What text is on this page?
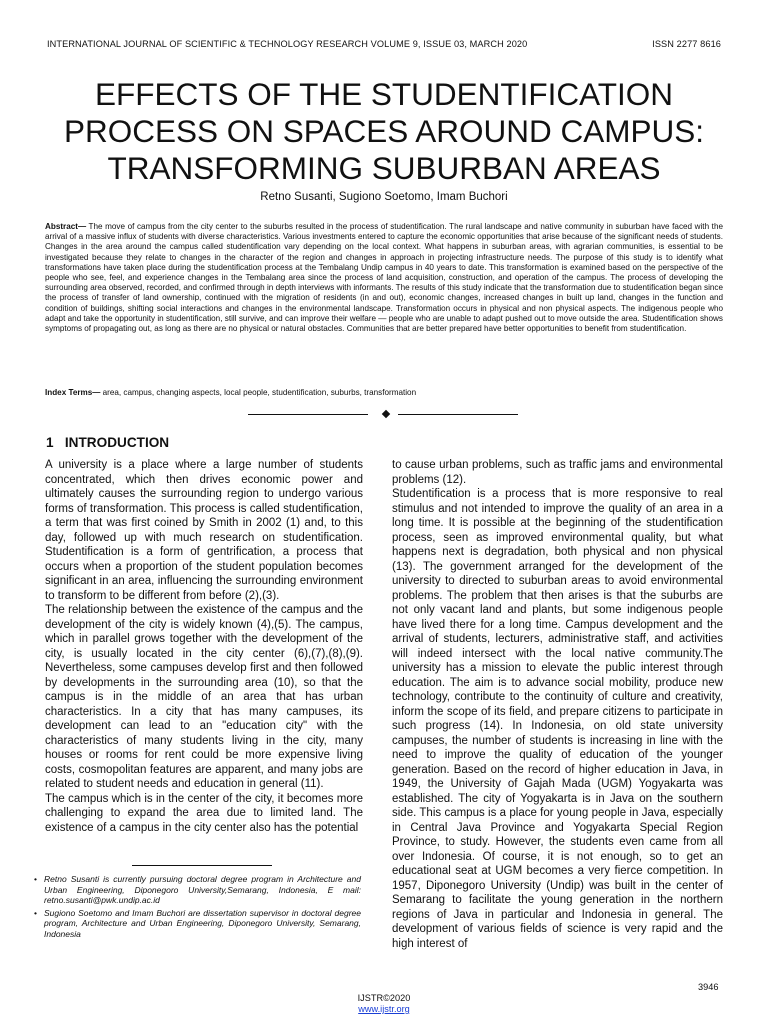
INTERNATIONAL JOURNAL OF SCIENTIFIC & TECHNOLOGY RESEARCH VOLUME 9, ISSUE 03, MARCH 2020	ISSN 2277 8616
EFFECTS OF THE STUDENTIFICATION
PROCESS ON SPACES AROUND CAMPUS:
TRANSFORMING SUBURBAN AREAS
Retno Susanti, Sugiono Soetomo, Imam Buchori

Abstract— The move of campus from the city center to the suburbs resulted in the process of studentification. The rural landscape and native community in suburban have faced with the arrival of a massive influx of students with diverse characteristics. Various investments entered to capture the economic opportunities that arise because of the significant needs of students. Changes in the area around the campus called studentification vary depending on the local context. What happens in suburban areas, with agrarian communities, is essential to be investigated because they relate to changes in the character of the region and changes in approach in projecting infrastructure needs. The purpose of this study is to identify what transformations have taken place during the studentification process at the Tembalang Undip campus in 40 years to date. This transformation is examined based on the perspective of the people who see, feel, and experience changes in the Tembalang area since the process of land acquisition, construction, and operation of the campus. The process of developing the surrounding area observed, recorded, and confirmed through in depth interviews with informants. The results of this study indicate that the transformation due to studentification began since the process of transfer of land ownership, continued with the migration of residents (in and out), economic changes, increased changes in built up land, changes in the function and condition of buildings, shifting social interactions and changes in the environmental landscape. Transformation occurs in physical and non physical aspects. The indigenous people who adapt and take the opportunity in studentification, still survive, and can improve their welfare — people who are unable to adapt pushed out to move outside the area. Studentification shows symptoms of propagating out, as long as there are no physical or natural obstacles. Communities that are better prepared have better opportunities to benefit from studentification.

Index Terms— area, campus, changing aspects, local people, studentification, suburbs, transformation

1 INTRODUCTION

A university is a place where a large number of students concentrated, which then drives economic power and ultimately causes the surrounding region to undergo various forms of transformation. This process is called studentification, a term that was first coined by Smith in 2002 (1) and, to this day, followed up with much research on studentification. Studentification is a form of gentrification, a process that occurs when a proportion of the student population becomes significant in an area, influencing the surrounding environment to transform to be different from before (2),(3).

The relationship between the existence of the campus and the development of the city is widely known (4),(5). The campus, which in parallel grows together with the development of the city, is usually located in the city center (6),(7),(8),(9). Nevertheless, some campuses develop first and then followed by developments in the surrounding area (10), so that the campus is in the middle of an area that has urban characteristics. In a city that has many campuses, its development can lead to an "education city" with the characteristics of many students living in the city, many houses or rooms for rent could be more expensive living costs, cosmopolitan features are apparent, and many jobs are related to student needs and education in general (11).

The campus which is in the center of the city, it becomes more challenging to expand the area due to limited land. The existence of a campus in the city center also has the potential

to cause urban problems, such as traffic jams and environmental problems (12).

Studentification is a process that is more responsive to real stimulus and not intended to improve the quality of an area in a long time. It is possible at the beginning of the studentification process, seen as improved environmental quality, but what happens next is degradation, both physical and non physical (13). The government arranged for the development of the university to directed to suburban areas to avoid environmental problems. The problem that then arises is that the suburbs are not only vacant land and plants, but some indigenous people have lived there for a long time. Campus development and the arrival of students, lecturers, administrative staff, and activities will indeed intersect with the local native community.The university has a mission to elevate the public interest through education. The aim is to advance social mobility, produce new technology, contribute to the continuity of culture and creativity, inform the scope of its field, and prepare citizens to participate in such progress (14). In Indonesia, on old state university campuses, the number of students is increasing in line with the need to improve the quality of education of the younger generation. Based on the record of higher education in Java, in 1949, the University of Gajah Mada (UGM) Yogyakarta was established. The city of Yogyakarta is in Java on the southern side. This campus is a place for young people in Java, especially in Central Java Province and Yogyakarta Special Region Province, to study. However, the students even came from all over Indonesia. Of course, it is not enough, so to get an educational seat at UGM becomes a very fierce competition. In 1957, Diponegoro University (Undip) was built in the center of Semarang to facilitate the young generation in the northern regions of Java in particular and Indonesia in general. The development of various fields of science is very rapid and the high interest of

• Retno Susanti is currently pursuing doctoral degree program in Architecture and Urban Engineering, Diponegoro University,Semarang, Indonesia, E mail: retno.susanti@pwk.undip.ac.id
• Sugiono Soetomo and Imam Buchori are dissertation supervisor in doctoral degree program, Architecture and Urban Engineering, Diponegoro University, Semarang, Indonesia
3946
IJSTR©2020
www.ijstr.org
